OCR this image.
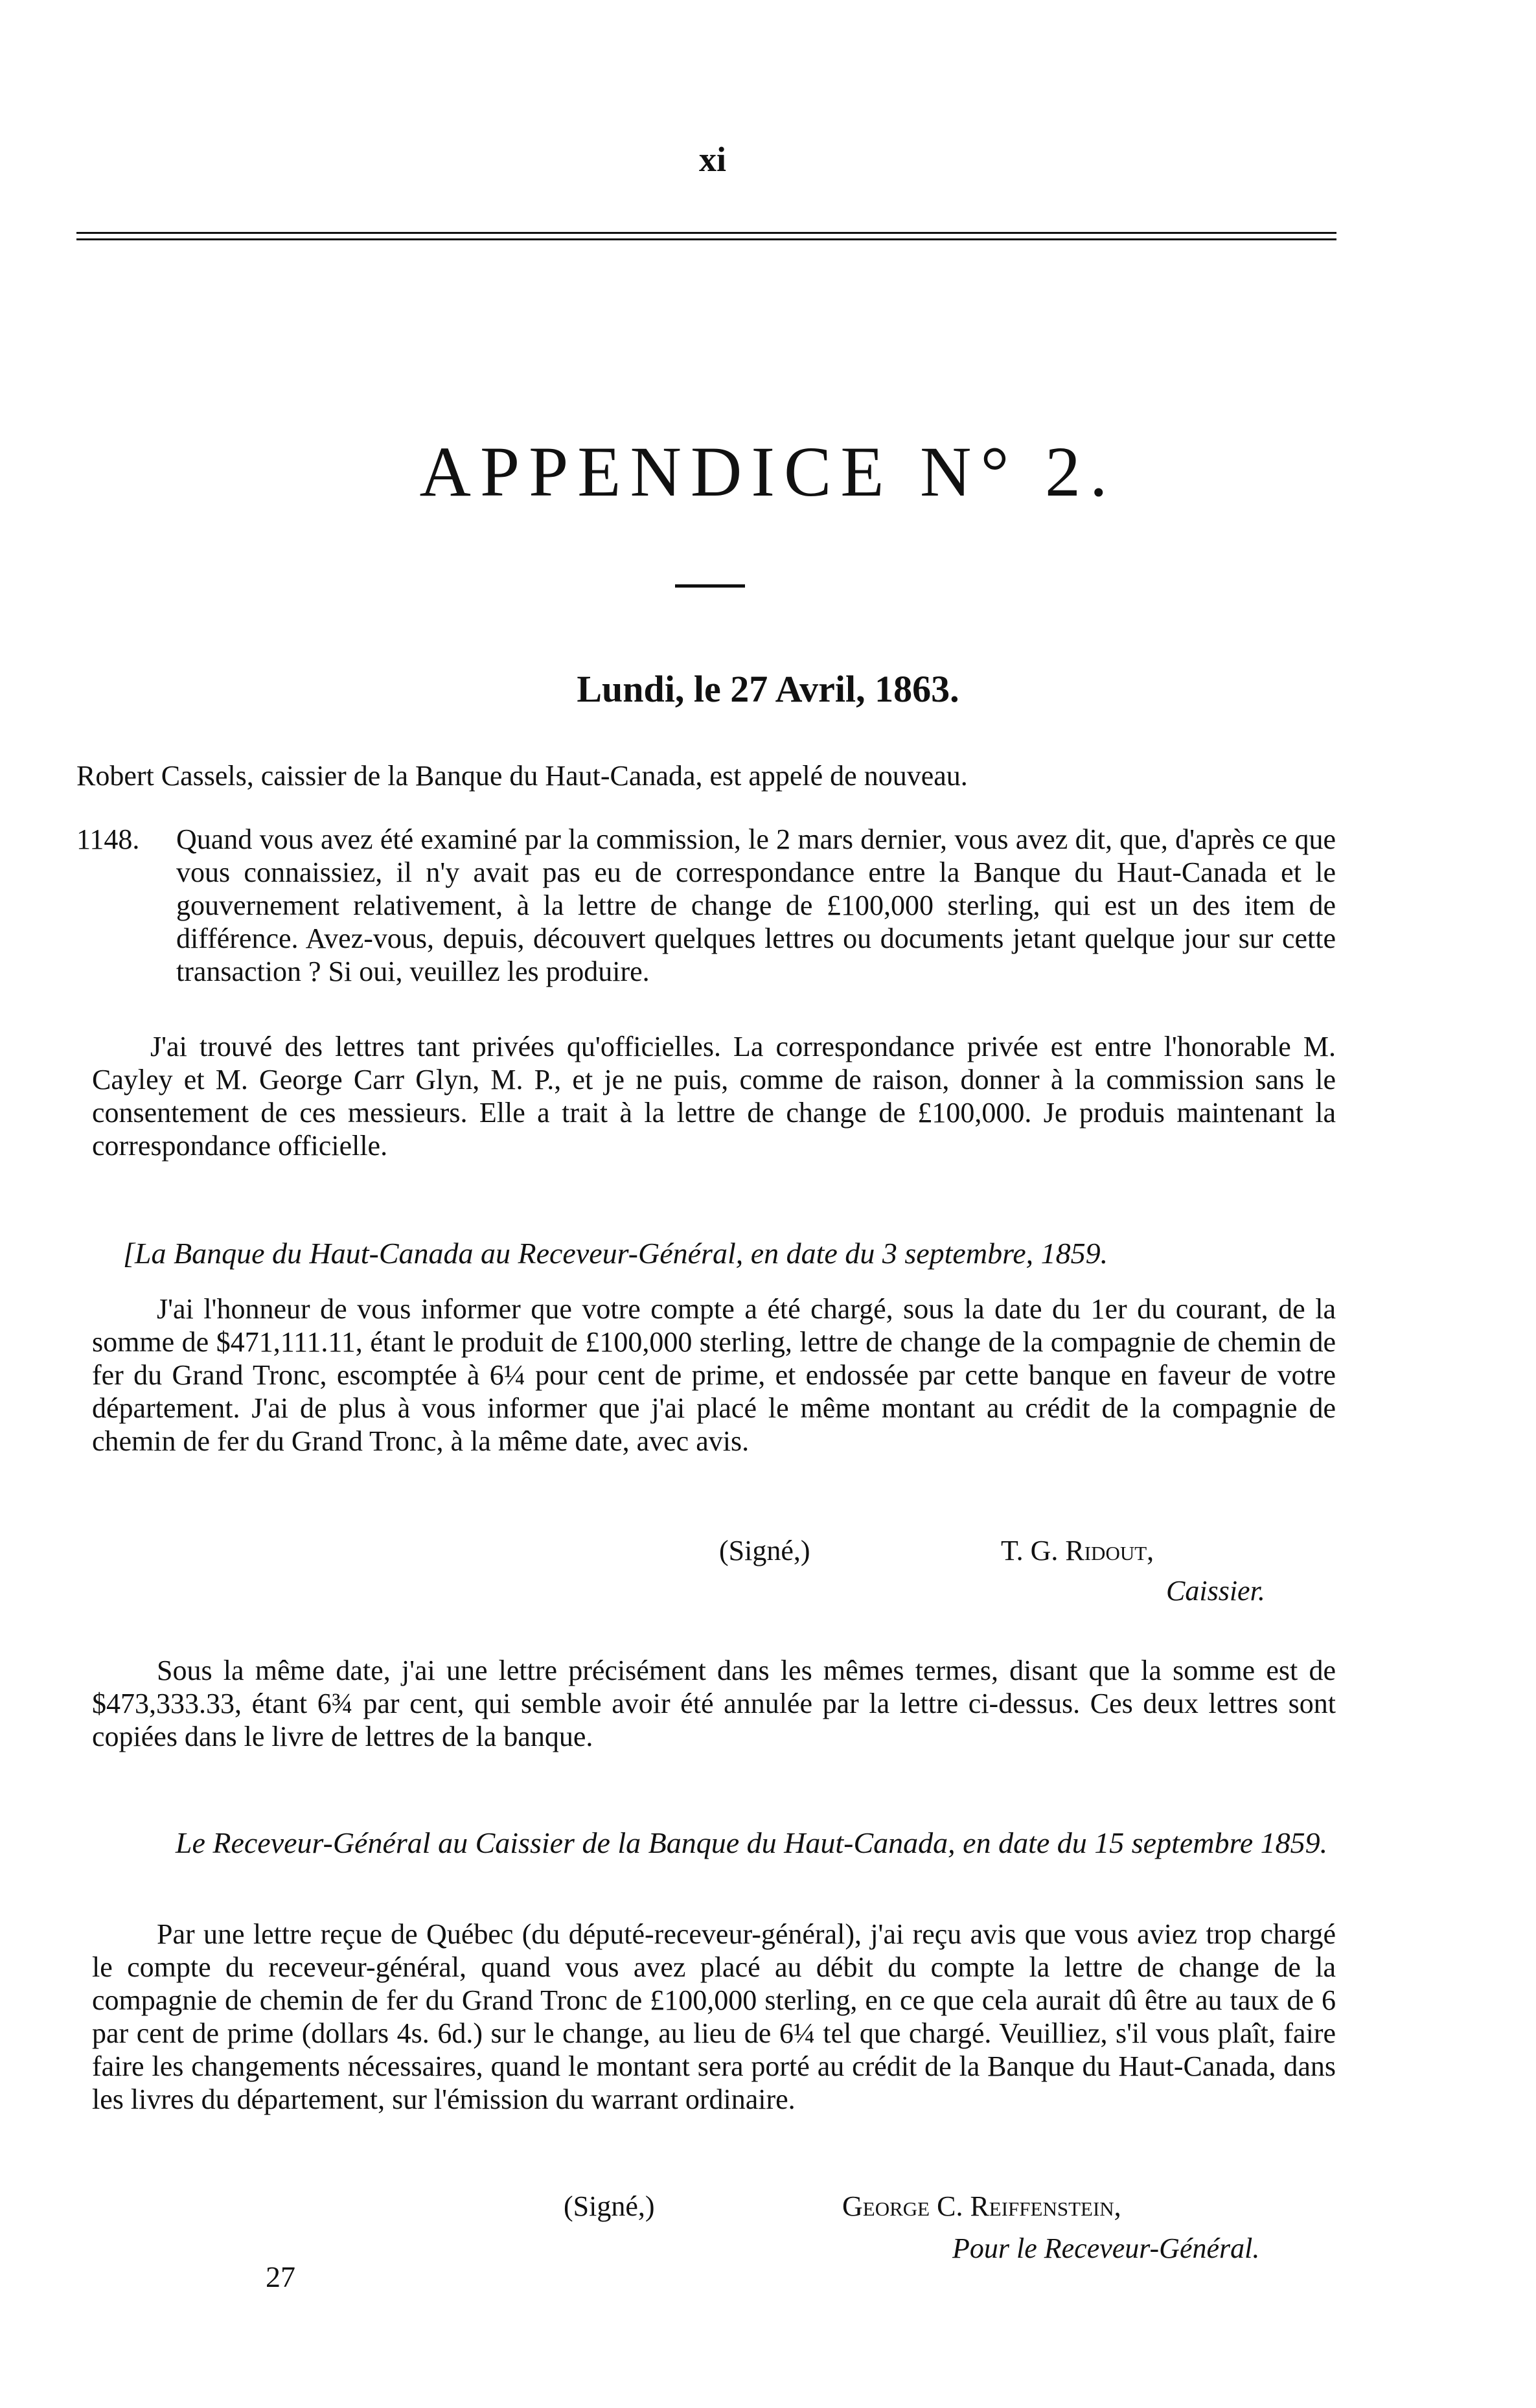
xi
APPENDICE N° 2.
Lundi, le 27 Avril, 1863.
Robert Cassels, caissier de la Banque du Haut-Canada, est appelé de nouveau.
1148. Quand vous avez été examiné par la commission, le 2 mars dernier, vous avez dit, que, d'après ce que vous connaissiez, il n'y avait pas eu de correspondance entre la Banque du Haut-Canada et le gouvernement relativement, à la lettre de change de £100,000 sterling, qui est un des item de différence. Avez-vous, depuis, découvert quelques lettres ou documents jetant quelque jour sur cette transaction ? Si oui, veuillez les produire.
J'ai trouvé des lettres tant privées qu'officielles. La correspondance privée est entre l'honorable M. Cayley et M. George Carr Glyn, M. P., et je ne puis, comme de raison, donner à la commission sans le consentement de ces messieurs. Elle a trait à la lettre de change de £100,000. Je produis maintenant la correspondance officielle.
[La Banque du Haut-Canada au Receveur-Général, en date du 3 septembre, 1859.
J'ai l'honneur de vous informer que votre compte a été chargé, sous la date du 1er du courant, de la somme de $471,111.11, étant le produit de £100,000 sterling, lettre de change de la compagnie de chemin de fer du Grand Tronc, escomptée à 6¼ pour cent de prime, et endossée par cette banque en faveur de votre département. J'ai de plus à vous informer que j'ai placé le même montant au crédit de la compagnie de chemin de fer du Grand Tronc, à la même date, avec avis.
(Signé,)	T. G. Ridout,
Caissier.
Sous la même date, j'ai une lettre précisément dans les mêmes termes, disant que la somme est de $473,333.33, étant 6¾ par cent, qui semble avoir été annulée par la lettre ci-dessus. Ces deux lettres sont copiées dans le livre de lettres de la banque.
Le Receveur-Général au Caissier de la Banque du Haut-Canada, en date du 15 septembre 1859.
Par une lettre reçue de Québec (du député-receveur-général), j'ai reçu avis que vous aviez trop chargé le compte du receveur-général, quand vous avez placé au débit du compte la lettre de change de la compagnie de chemin de fer du Grand Tronc de £100,000 sterling, en ce que cela aurait dû être au taux de 6 par cent de prime (dollars 4s. 6d.) sur le change, au lieu de 6¼ tel que chargé. Veuilliez, s'il vous plaît, faire faire les changements nécessaires, quand le montant sera porté au crédit de la Banque du Haut-Canada, dans les livres du département, sur l'émission du warrant ordinaire.
(Signé,)	George C. Reiffenstein,
Pour le Receveur-Général.
27
